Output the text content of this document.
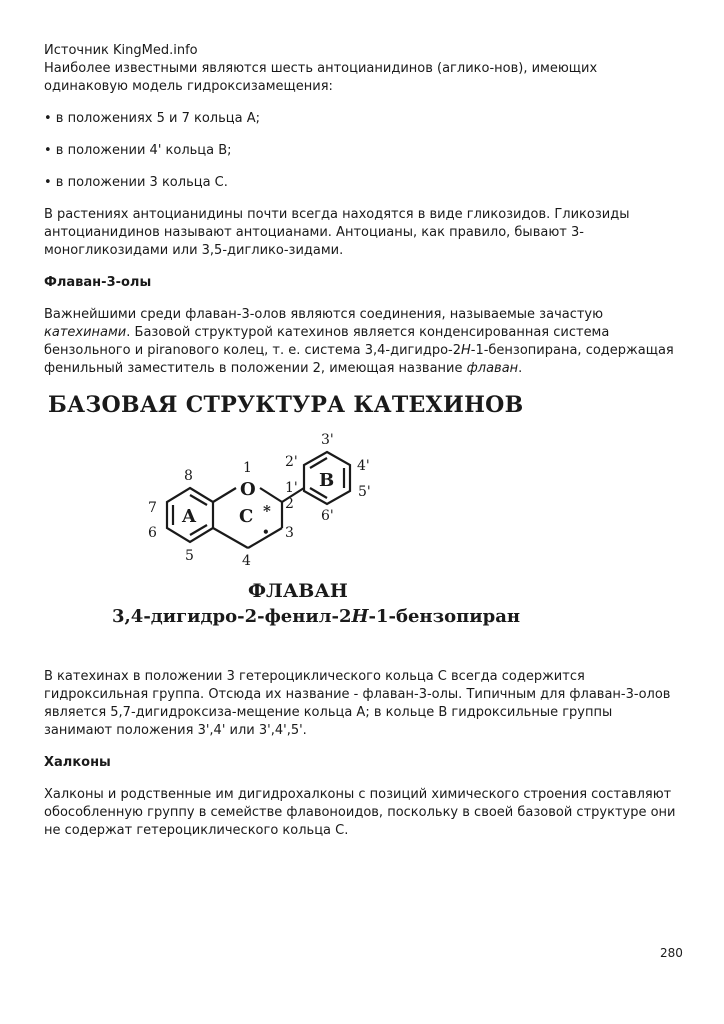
Источник KingMed.info

Наиболее известными являются шесть антоцианидинов (аглико-нов), имеющих одинаковую модель гидроксизамещения:

• в положениях 5 и 7 кольца А;

• в положении 4' кольца В;

• в положении 3 кольца С.

В растениях антоцианидины почти всегда находятся в виде гликозидов. Гликозиды антоцианидинов называют антоцианами. Антоцианы, как правило, бывают 3-моногликозидами или 3,5-диглико-зидами.

Флаван-3-олы

Важнейшими среди флаван-3-олов являются соединения, называемые зачастую катехинами. Базовой структурой катехинов является конденсированная система бензольного и piranового колец, т. е. система 3,4-дигидро-2H-1-бензопирана, содержащая фенильный заместитель в положении 2, имеющая название флаван.

БАЗОВАЯ СТРУКТУРА КАТЕХИНОВ
O
A C
B
*
•
1
2
3
4
5
6
7
8
1'
2'
3'
4'
5'
6'
ФЛАВАН
3,4-дигидро-2-фенил-2H-1-бензопиран

В катехинах в положении 3 гетероциклического кольца С всегда содержится гидроксильная группа. Отсюда их название - флаван-3-олы. Типичным для флаван-3-олов является 5,7-дигидроксиза-мещение кольца А; в кольце В гидроксильные группы занимают положения 3',4' или 3',4',5'.

Халконы

Халконы и родственные им дигидрохалконы с позиций химического строения составляют обособленную группу в семействе флавоноидов, поскольку в своей базовой структуре они не содержат гетероциклического кольца С.

280
